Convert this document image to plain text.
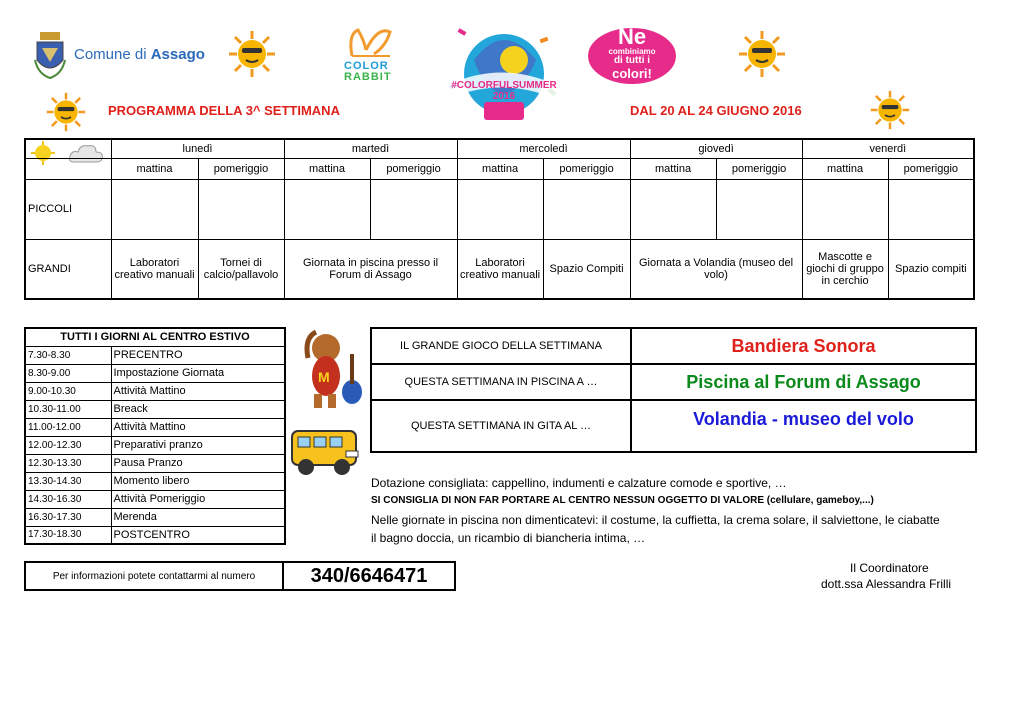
Comune di Assago
COLOR
RABBIT
#COLORFULSUMMER 2016
Ne
combiniamo
di tutti i
colori!
PROGRAMMA DELLA 3^ SETTIMANA	DAL 20 AL 24 GIUGNO 2016
	lunedì		martedì		mercoledì		giovedì		venerdì	
	mattina	pomeriggio	mattina	pomeriggio	mattina	pomeriggio	mattina	pomeriggio	mattina	pomeriggio
PICCOLI										
GRANDI	Laboratori creativo manuali	Tornei di calcio/pallavolo	Giornata in piscina presso il Forum di Assago		Laboratori creativo manuali	Spazio Compiti	Giornata a Volandia (museo del volo)		Mascotte e giochi di gruppo in cerchio	Spazio compiti
TUTTI I GIORNI AL CENTRO ESTIVO	
7.30-8.30	PRECENTRO
8.30-9.00	Impostazione Giornata
9.00-10.30	Attività Mattino
10.30-11.00	Breack
11.00-12.00	Attività Mattino
12.00-12.30	Preparativi pranzo
12.30-13.30	Pausa Pranzo
13.30-14.30	Momento libero
14.30-16.30	Attività Pomeriggio
16.30-17.30	Merenda
17.30-18.30	POSTCENTRO
M
IL GRANDE GIOCO DELLA SETTIMANA	Bandiera Sonora
QUESTA SETTIMANA IN PISCINA A …	Piscina al Forum di Assago
QUESTA SETTIMANA IN GITA AL …	Volandia - museo del volo
Dotazione consigliata: cappellino, indumenti e calzature comode e sportive, …
SI CONSIGLIA DI NON FAR PORTARE AL CENTRO NESSUN OGGETTO DI VALORE (cellulare, gameboy,...)
Nelle giornate in piscina non dimenticatevi: il costume, la cuffietta, la crema solare, il salviettone, le ciabatte
il bagno doccia, un ricambio di biancheria intima, …
Per informazioni potete contattarmi al numero	340/6646471	Il Coordinatore
dott.ssa Alessandra Frilli
